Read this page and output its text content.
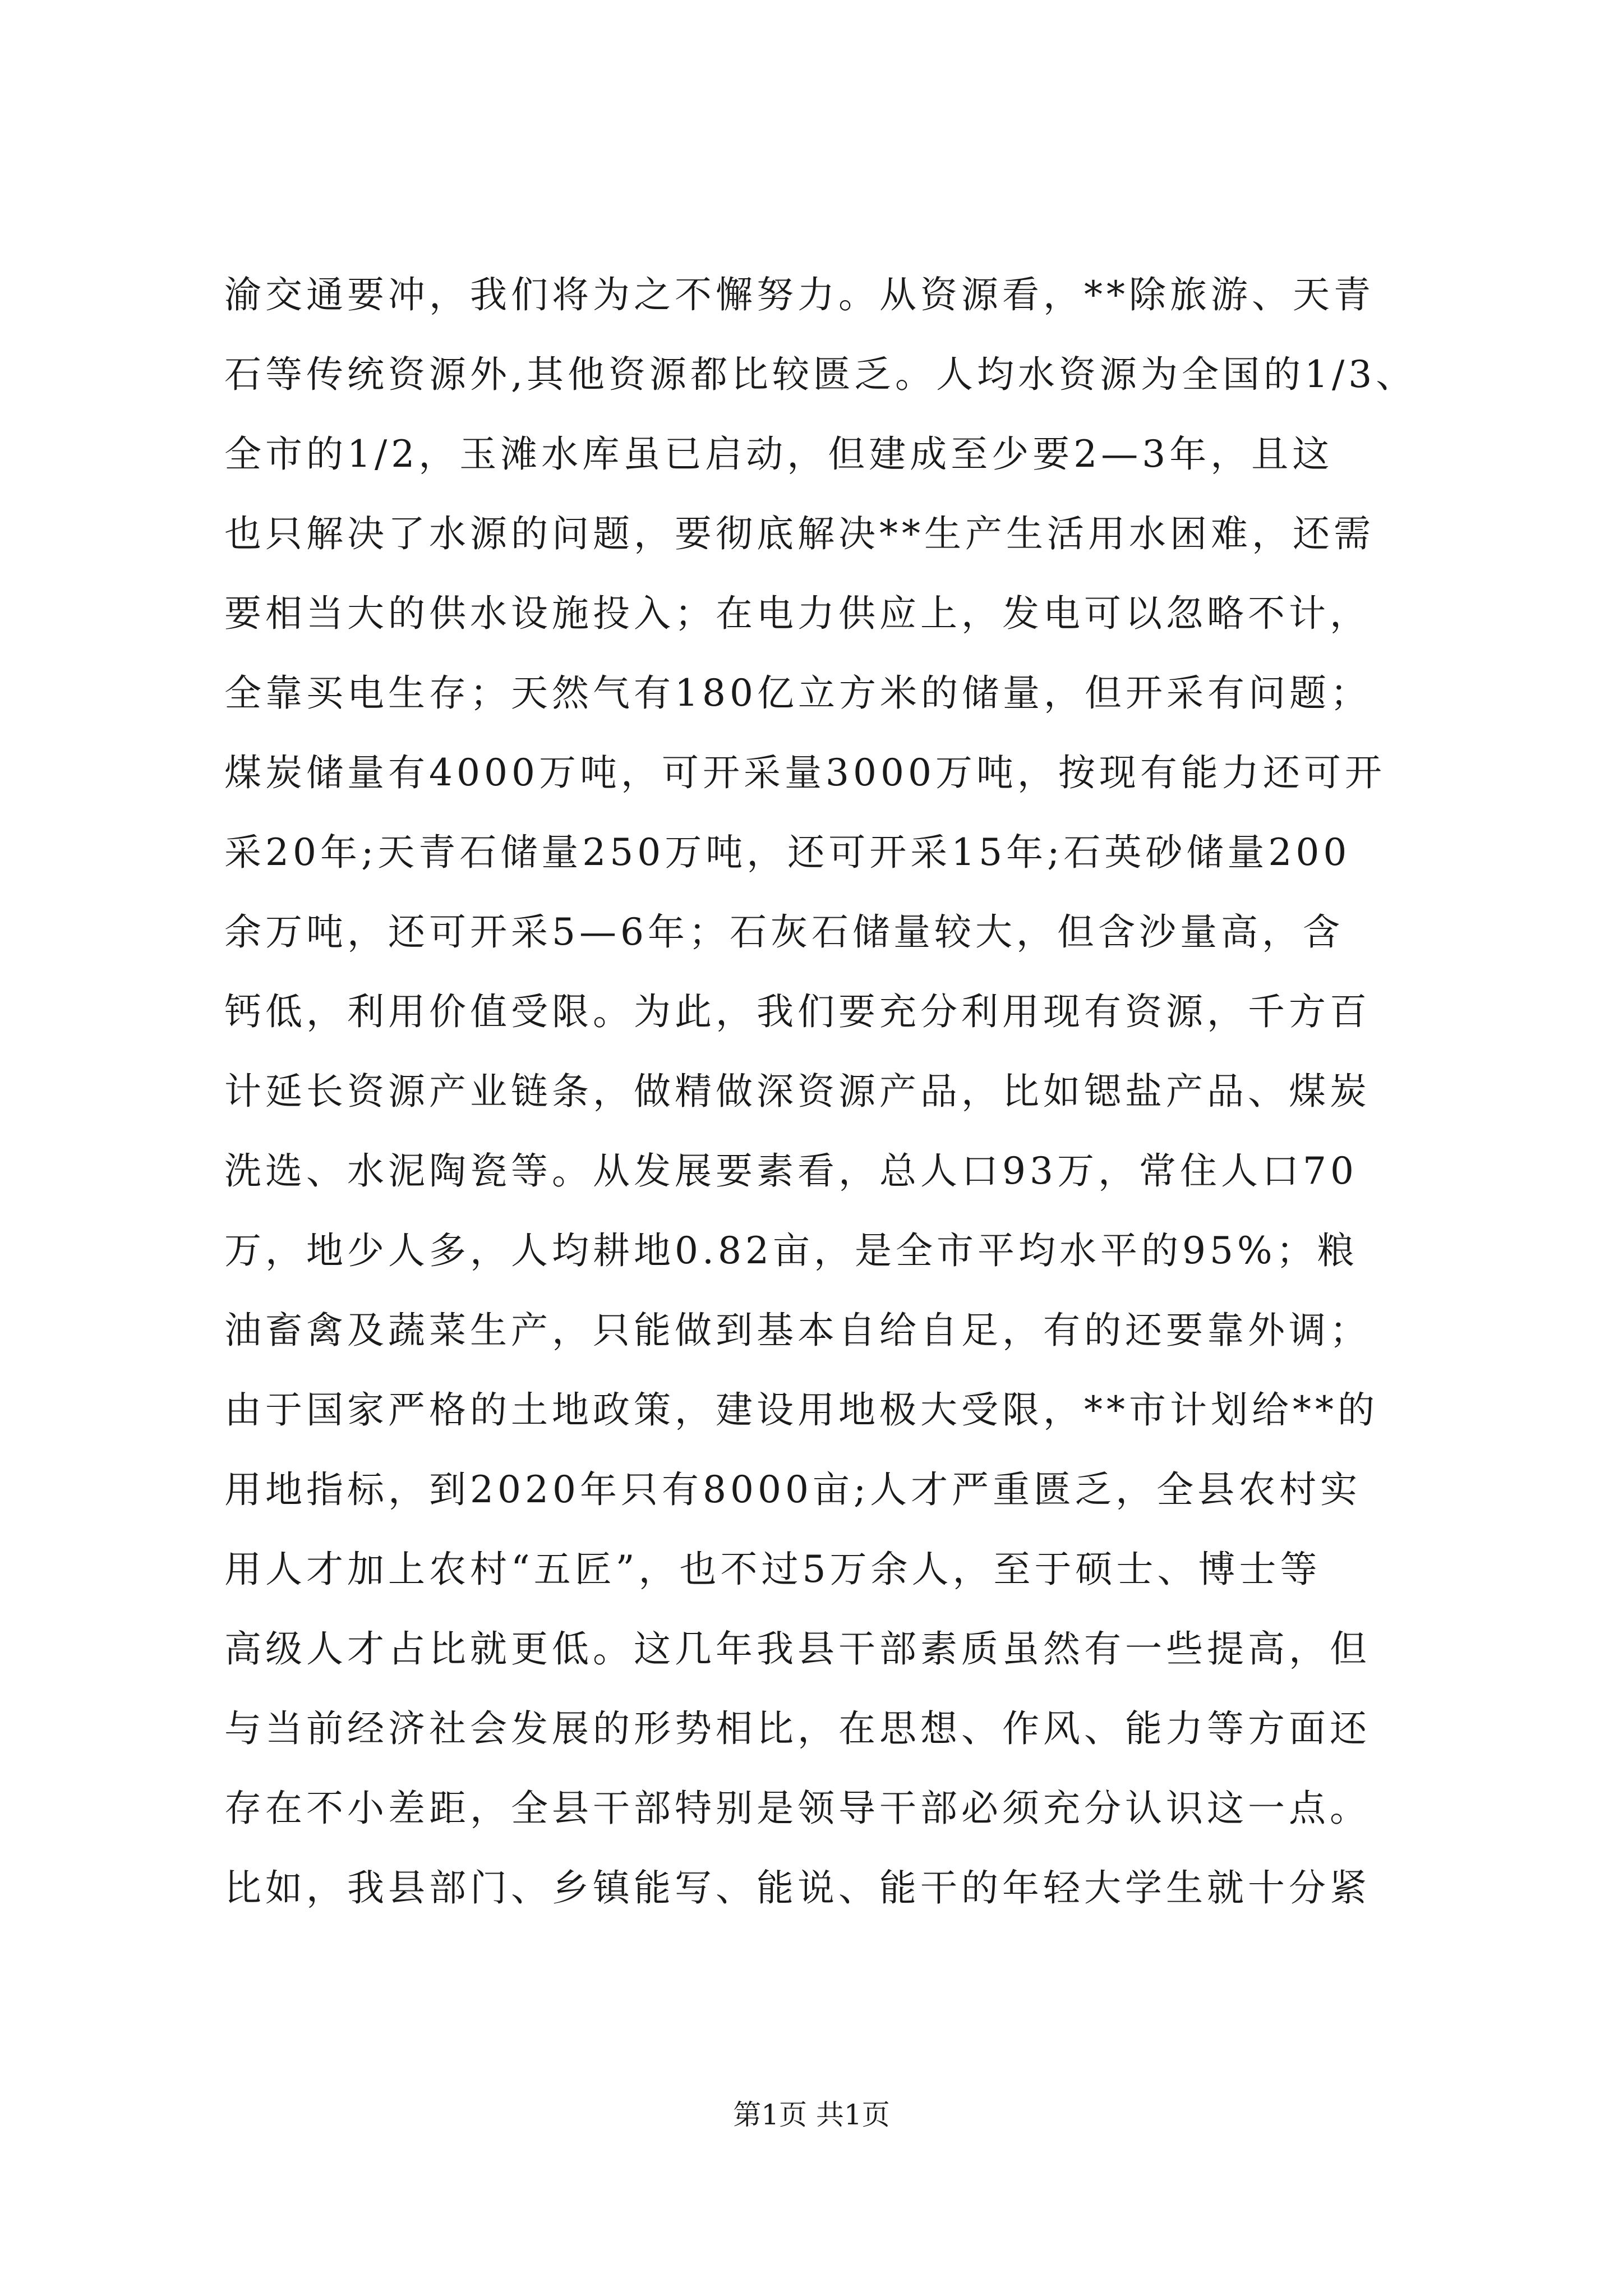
渝交通要冲，我们将为之不懈努力。从资源看，**除旅游、天青
石等传统资源外,其他资源都比较匮乏。人均水资源为全国的1/3、
全市的1/2，玉滩水库虽已启动，但建成至少要2—3年，且这
也只解决了水源的问题，要彻底解决**生产生活用水困难，还需
要相当大的供水设施投入；在电力供应上，发电可以忽略不计，
全靠买电生存；天然气有180亿立方米的储量，但开采有问题；
煤炭储量有4000万吨，可开采量3000万吨，按现有能力还可开
采20年;天青石储量250万吨，还可开采15年;石英砂储量200
余万吨，还可开采5—6年；石灰石储量较大，但含沙量高，含
钙低，利用价值受限。为此，我们要充分利用现有资源，千方百
计延长资源产业链条，做精做深资源产品，比如锶盐产品、煤炭
洗选、水泥陶瓷等。从发展要素看，总人口93万，常住人口70
万，地少人多，人均耕地0.82亩，是全市平均水平的95%；粮
油畜禽及蔬菜生产，只能做到基本自给自足，有的还要靠外调；
由于国家严格的土地政策，建设用地极大受限，**市计划给**的
用地指标，到2020年只有8000亩;人才严重匮乏，全县农村实
用人才加上农村“五匠”，也不过5万余人，至于硕士、博士等
高级人才占比就更低。这几年我县干部素质虽然有一些提高，但
与当前经济社会发展的形势相比，在思想、作风、能力等方面还
存在不小差距，全县干部特别是领导干部必须充分认识这一点。
比如，我县部门、乡镇能写、能说、能干的年轻大学生就十分紧
第1页 共1页
